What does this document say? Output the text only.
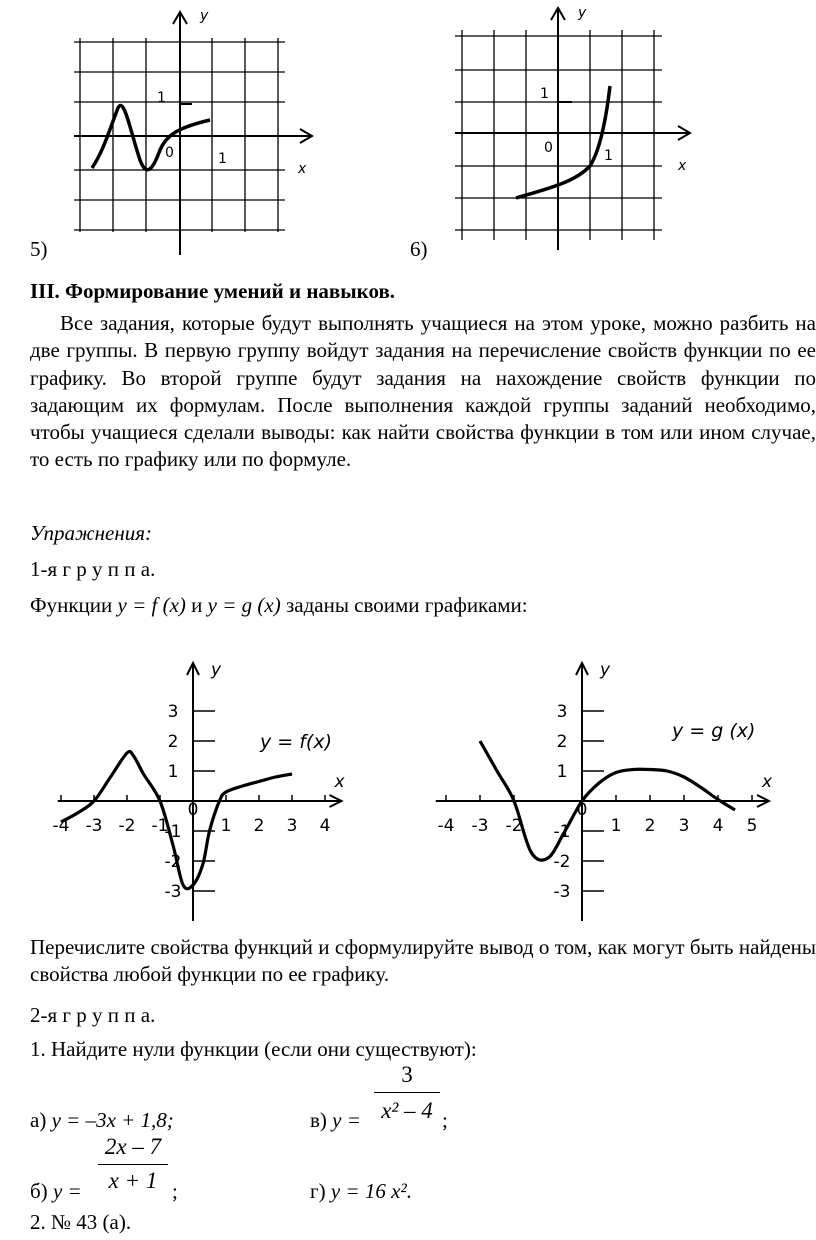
y
1
0	1
x
5)
y
1
0	1
x
6)
III. Формирование умений и навыков.
Все задания, которые будут выполнять учащиеся на этом уроке, можно разбить на две группы. В первую группу войдут задания на перечисление свойств функции по ее графику. Во второй группе будут задания на нахождение свойств функции по задающим их формулам. После выполнения каждой группы заданий необходимо, чтобы учащиеся сделали выводы: как найти свойства функции в том или ином случае, то есть по графику или по формуле.
Упражнения:
1-я г р у п п а.
Функции y = f (x) и y = g (x) заданы своими графиками:
3
2
1
-1
-2
-3
-4 -3 -2 -1	1 2 3 4
0
x
y
y = f(x)
3
2
1
-1
-2
-3
-4 -3 -2	1 2 3 4 5
0
x
y
y = g (x)
Перечислите свойства функций и сформулируйте вывод о том, как могут быть найдены свойства любой функции по ее графику.
2-я г р у п п а.
1. Найдите нули функции (если они существуют):
а) y = –3x + 1,8;	в) y =
3
x² – 4 ;
б) y =
2x – 7
x + 1 ;	г) y = 16 x².
2. № 43 (а).
